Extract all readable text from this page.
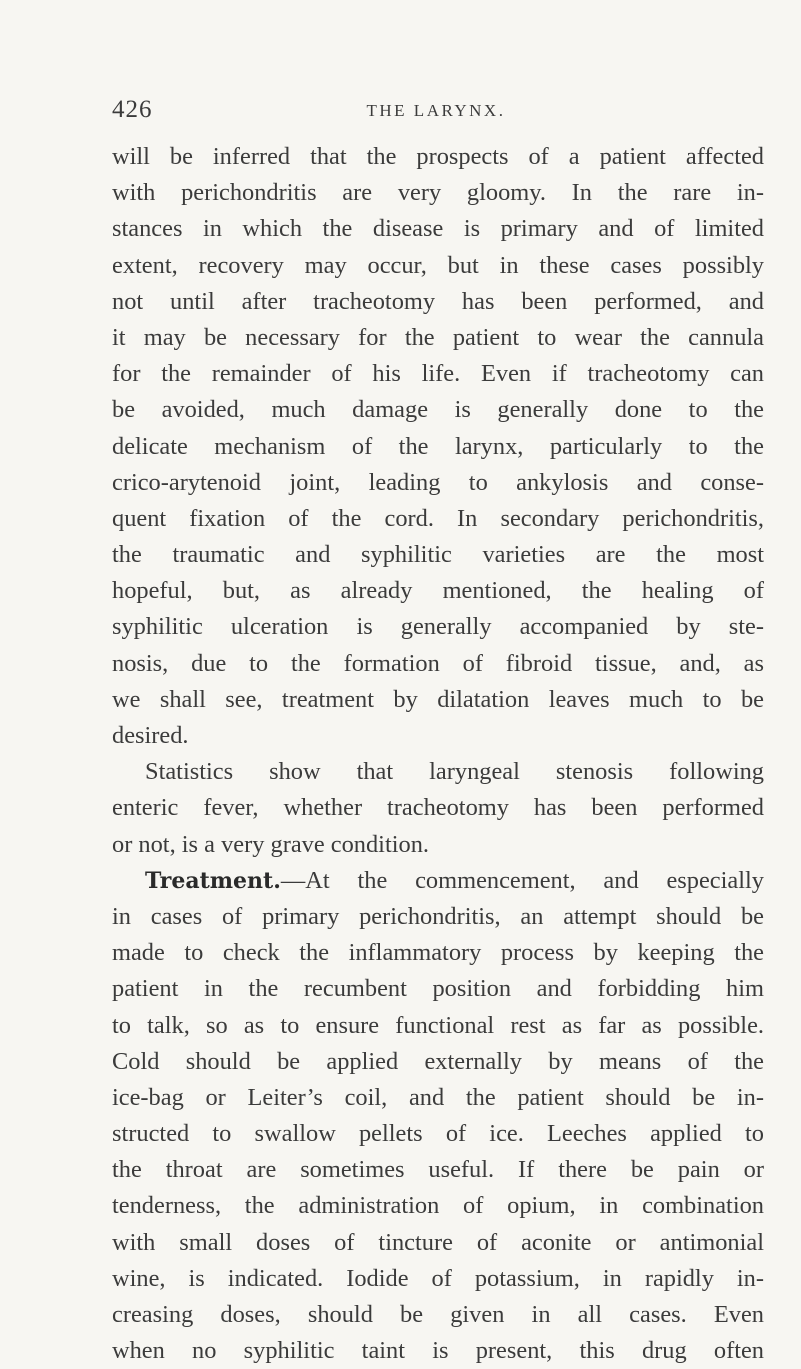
426	THE LARYNX.
will be inferred that the prospects of a patient affected
with perichondritis are very gloomy. In the rare in-
stances in which the disease is primary and of limited
extent, recovery may occur, but in these cases possibly
not until after tracheotomy has been performed, and
it may be necessary for the patient to wear the cannula
for the remainder of his life. Even if tracheotomy can
be avoided, much damage is generally done to the
delicate mechanism of the larynx, particularly to the
crico-arytenoid joint, leading to ankylosis and conse-
quent fixation of the cord. In secondary perichondritis,
the traumatic and syphilitic varieties are the most
hopeful, but, as already mentioned, the healing of
syphilitic ulceration is generally accompanied by ste-
nosis, due to the formation of fibroid tissue, and, as
we shall see, treatment by dilatation leaves much to be
desired.
Statistics show that laryngeal stenosis following
enteric fever, whether tracheotomy has been performed
or not, is a very grave condition.
Treatment.—At the commencement, and especially
in cases of primary perichondritis, an attempt should be
made to check the inflammatory process by keeping the
patient in the recumbent position and forbidding him
to talk, so as to ensure functional rest as far as possible.
Cold should be applied externally by means of the
ice-bag or Leiter’s coil, and the patient should be in-
structed to swallow pellets of ice. Leeches applied to
the throat are sometimes useful. If there be pain or
tenderness, the administration of opium, in combination
with small doses of tincture of aconite or antimonial
wine, is indicated. Iodide of potassium, in rapidly in-
creasing doses, should be given in all cases. Even
when no syphilitic taint is present, this drug often
